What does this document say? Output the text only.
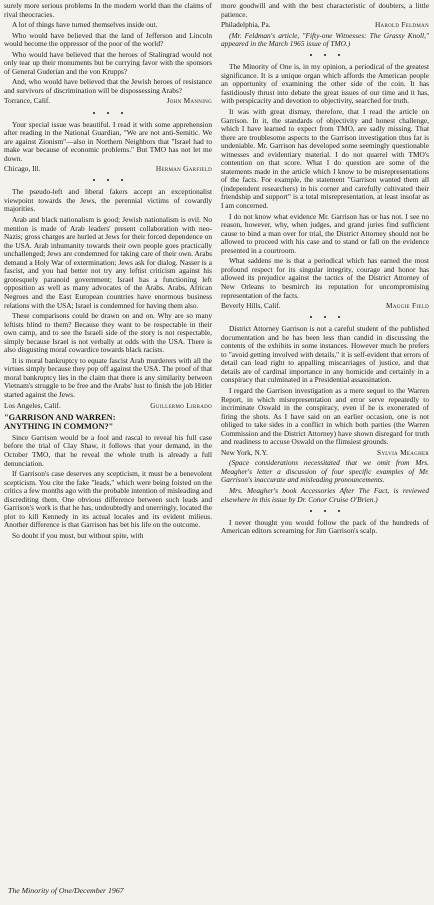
surely more serious problems In the modern world than the claims of rival theocracies.

A lot of things have turned themselves inside out.

Who would have believed that the land of Jefferson and Lincoln would become the oppressor of the poor of the world?

Who would have believed that the heroes of Stalingrad would not only tear up their monuments but be currying favor with the sponsors of General Guderian and the von Krupps?

And, who would have believed that the Jewish heroes of resistance and survivors of discrimination will be dispossessing Arabs?

Torrance, Calif.	John Manning

Your special issue was beautiful. I read it with some apprehension after reading in the National Guardian, "We are not anti-Semitic. We are against Zionism"—also in Northern Neighbors that "Israel had to make war because of economic problems." But TMO has not let me down.

Chicago, Ill.	Herman Garfield

The pseudo-left and liberal fakers accept an exceptionalist viewpoint towards the Jews, the perennial victims of cowardly majorities.

Arab and black nationalism is good; Jewish nationalism is evil. No mention is made of Arab leaders' present collaboration with neo-Nazis; gross charges are hurled at Jews for their forced dependence on the USA. Arab inhumanity towards their own people goes practically unchallenged; Jews are condemned for taking care of their own. Arabs demand a Holy War of extermination; Jews ask for dialog. Nasser is a fascist, and you had better not try any leftist criticism against his grotesquely paranoid government; Israel has a functioning left opposition as well as many advocates of the Arabs. Arabs, African Negroes and the East European countries have enormous business relations with the USA; Israel is condemned for having them also.

These comparisons could be drawn on and on. Why are so many leftists blind to them? Because they want to be respectable in their own camp, and to see the Israeli side of the story is not respectable, simply because Israel is not verbally at odds with the USA. There is also disgusting moral cowardice towards black racists.

It is moral bankruptcy to equate fascist Arab murderers with all the virtues simply because they pop off against the USA. The proof of that moral bankruptcy lies in the claim that there is any similarity between Vietnam's struggle to be free and the Arabs' lust to finish the job Hitler started against the Jews.

Los Angeles, Calif.	Guillermo Librado
"GARRISON AND WARREN:
ANYTHING IN COMMON?"

Since Garrison would be a fool and rascal to reveal his full case before the trial of Clay Shaw, it follows that your demand, in the October TMO, that he reveal the whole truth is already a full denunciation.

If Garrison's case deserves any scepticism, it must be a benevolent scepticism. You cite the fake "leads," which were being foisted on the critics a few months ago with the probable intention of misleading and discrediting them. One obvious difference between such leads and Garrison's work is that he has, undoubtedly and unerringly, located the plot to kill Kennedy in its actual locales and its evident milieus. Another difference is that Garrison has bet his life on the outcome.

So doubt if you must, but without spite, with

more goodwill and with the best characteristic of doubters, a little patience.

Philadelphia, Pa.	Harold Feldman

(Mr. Feldman's article, "Fifty-one Witnesses: The Grassy Knoll," appeared in the March 1965 issue of TMO.)

The Minority of One is, in my opinion, a periodical of the greatest significance. It is a unique organ which affords the American people an opportunity of examining the other side of the coin. It has fastidiously thrust into debate the great issues of our time and it has, with perspicacity and devotion to objectivity, searched for truth.

It was with great dismay, therefore, that I read the article on Garrison. In it, the standards of objectivity and honest challenge, which I have learned to expect from TMO, are sadly missing. That there are troublesome aspects to the Garrison investigation thus far is undeniable. Mr. Garrison has developed some seemingly questionable witnesses and evidentiary material. I do not quarrel with TMO's contention on that score. What I do question are some of the statements made in the article which I know to be misrepresentations of the facts. For example, the statement "Garrison wanted them all (independent researchers) in his corner and carefully cultivated their friendship and support" is a total misrepresentation, at least insofar as I am concerned.

I do not know what evidence Mr. Garrison has or has not. I see no reason, however, why, when judges, and grand juries find sufficient cause to bind a man over for trial, the District Attorney should not be allowed to proceed with his case and to stand or fall on the evidence presented in a courtroom.

What saddens me is that a periodical which has earned the most profound respect for its singular integrity, courage and honor has allowed its prejudice against the tactics of the District Attorney of New Orleans to besmirch its reputation for uncompromising representation of the facts.

Beverly Hills, Calif.	Maggie Field

District Attorney Garrison is not a careful student of the published documentation and he has been less than candid in discussing the contents of the exhibits in some instances. However much he prefers to "avoid getting involved with details," it is self-evident that errors of detail can lead right to appalling miscarriages of justice, and that details are of cardinal importance in any homicide and certainly in a conspiracy that culminated in a Presidential assassination.

I regard the Garrison investigation as a mere sequel to the Warren Report, in which misrepresentation and error serve repeatedly to incriminate Oswald in the conspiracy, even if he is exonerated of firing the shots. As I have said on an earlier occasion, one is not obliged to take sides in a conflict in which both parties (the Warren Commission and the District Attorney) have shown disregard for truth and readiness to accuse Oswald on the flimsiest grounds.

New York, N.Y.	Sylvia Meagher

(Space considerations necessitated that we omit from Mrs. Meagher's letter a discussion of four specific examples of Mr. Garrison's inaccurate and misleading pronouncements.

Mrs. Meagher's book Accessories After The Fact, is reviewed elsewhere in this issue by Dr. Conor Cruise O'Brien.)

I never thought you would follow the pack of the hundreds of American editors screaming for Jim Garrison's scalp.

The Minority of One/December 1967
